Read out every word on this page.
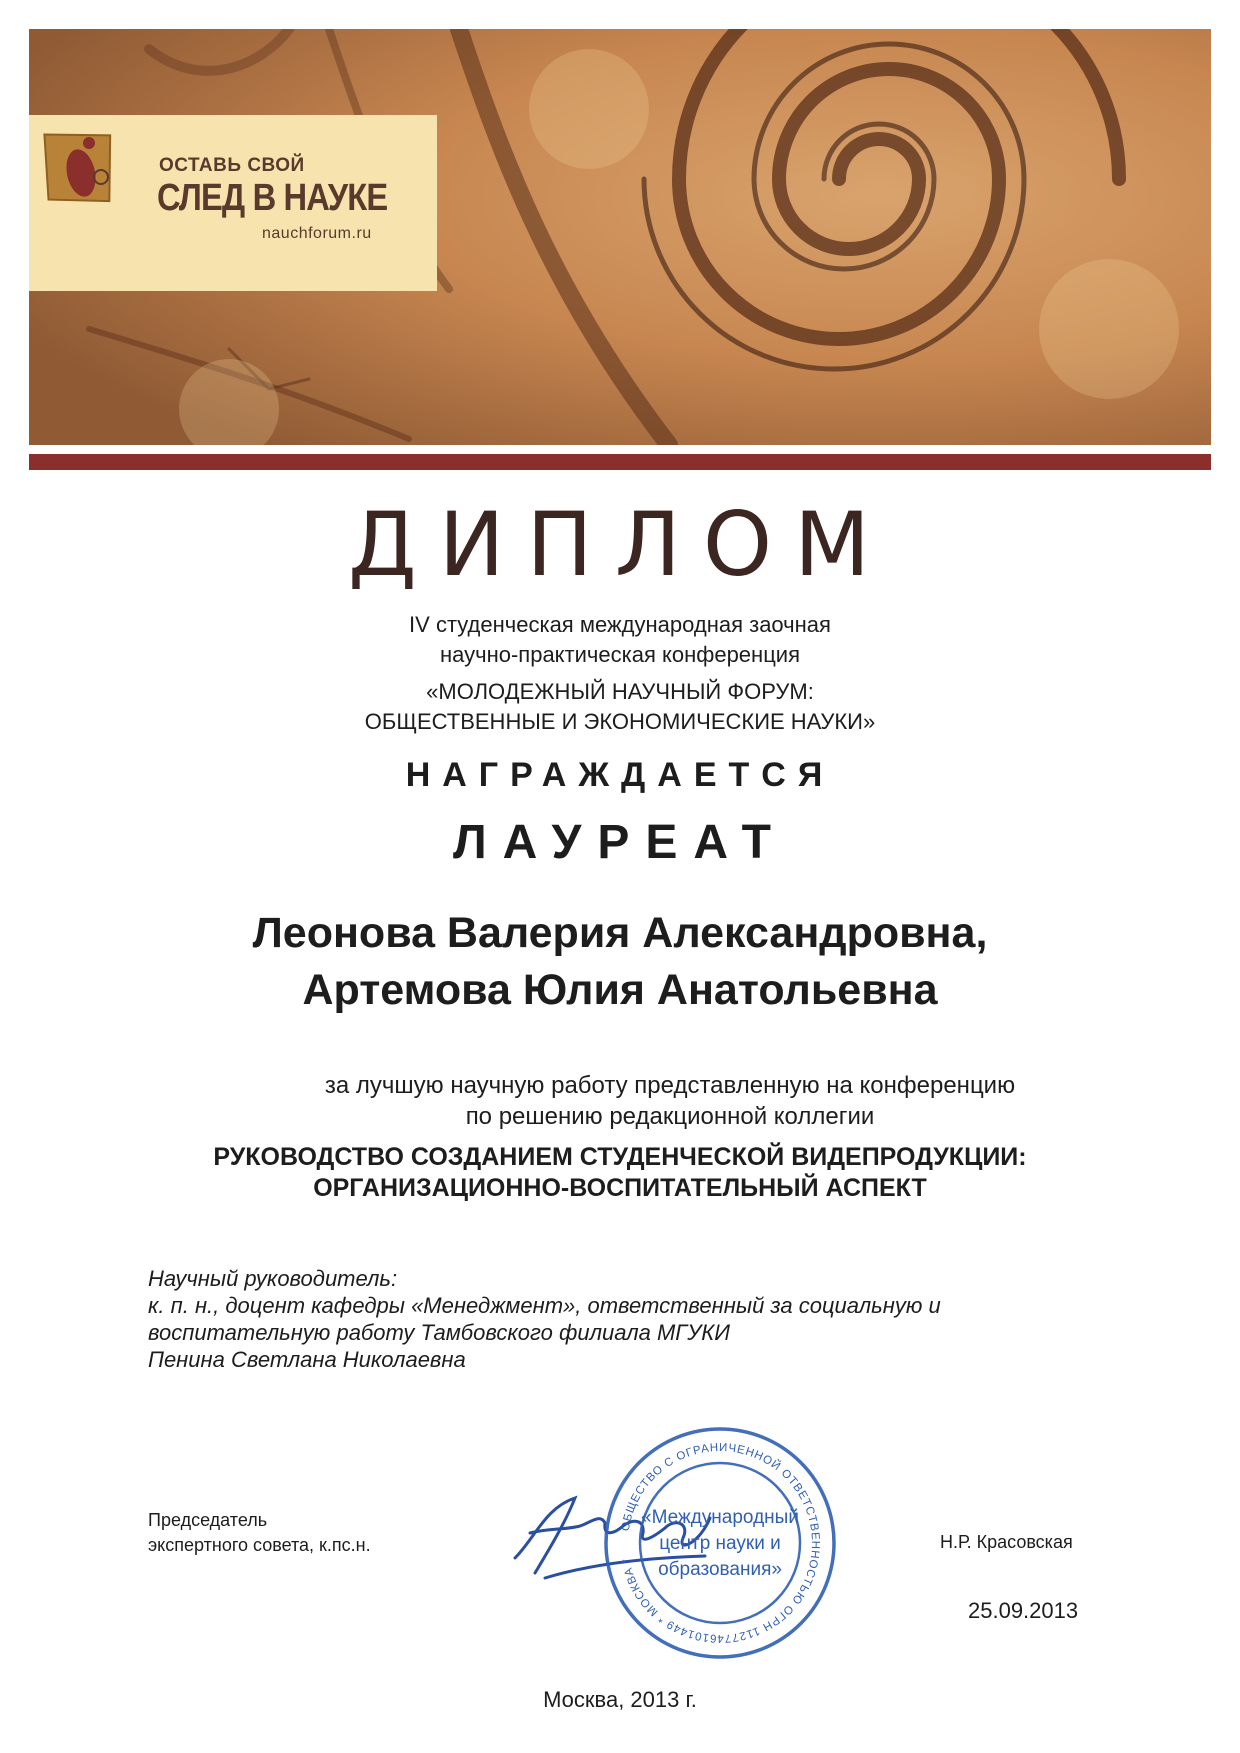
ОСТАВЬ СВОЙ
СЛЕД В НАУКЕ
nauchforum.ru
ДИПЛОМ
IV студенческая международная заочная
научно-практическая конференция
«МОЛОДЕЖНЫЙ НАУЧНЫЙ ФОРУМ:
ОБЩЕСТВЕННЫЕ И ЭКОНОМИЧЕСКИЕ НАУКИ»
НАГРАЖДАЕТСЯ
ЛАУРЕАТ
Леонова Валерия Александровна,
Артемова Юлия Анатольевна
за лучшую научную работу представленную на конференцию
по решению редакционной коллегии
РУКОВОДСТВО СОЗДАНИЕМ СТУДЕНЧЕСКОЙ ВИДЕПРОДУКЦИИ:
ОРГАНИЗАЦИОННО-ВОСПИТАТЕЛЬНЫЙ АСПЕКТ
Научный руководитель:
к. п. н., доцент кафедры «Менеджмент», ответственный за социальную и
воспитательную работу Тамбовского филиала МГУКИ
Пенина Светлана Николаевна
Председатель
экспертного совета, к.пс.н.
ОБЩЕСТВО С ОГРАНИЧЕННОЙ ОТВЕТСТВЕННОСТЬЮ ОГРН 1127746101449 * МОСКВА *
«Международный
центр науки и
образования»
Н.Р. Красовская
25.09.2013
Москва, 2013 г.
